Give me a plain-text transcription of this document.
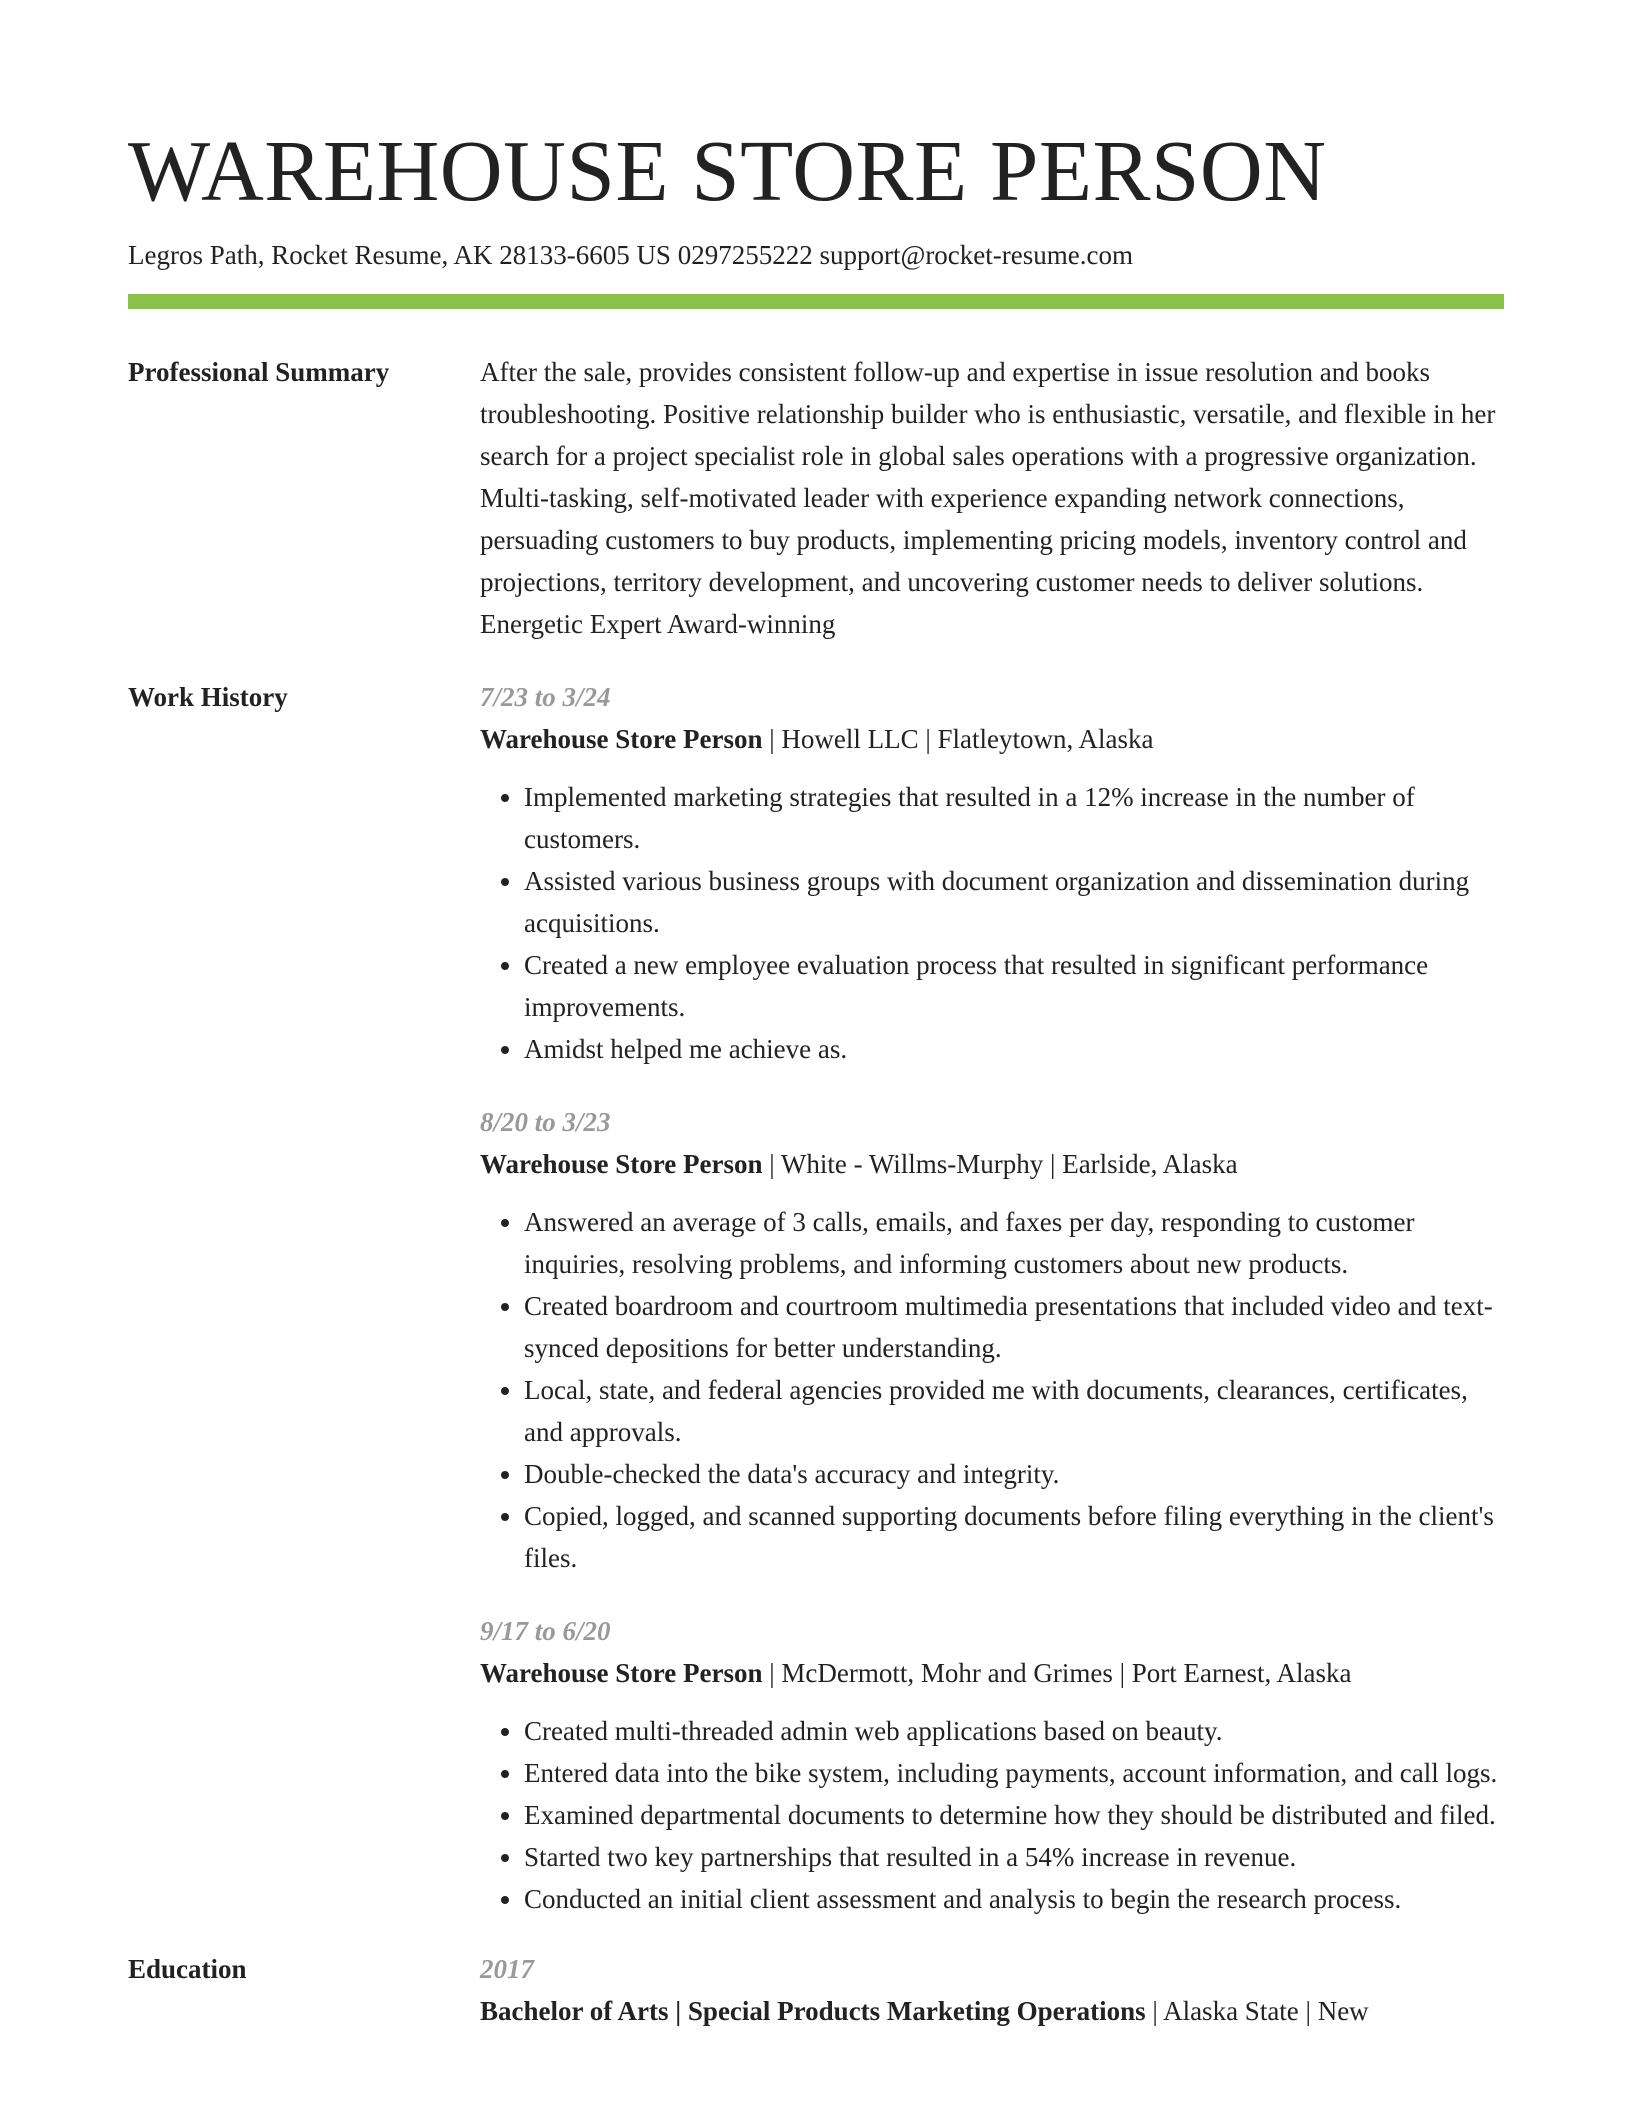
WAREHOUSE STORE PERSON
Legros Path, Rocket Resume, AK 28133-6605 US 0297255222 support@rocket-resume.com
Professional Summary	After the sale, provides consistent follow-up and expertise in issue resolution and books troubleshooting. Positive relationship builder who is enthusiastic, versatile, and flexible in her search for a project specialist role in global sales operations with a progressive organization. Multi-tasking, self-motivated leader with experience expanding network connections, persuading customers to buy products, implementing pricing models, inventory control and projections, territory development, and uncovering customer needs to deliver solutions. Energetic Expert Award-winning

Work History	7/23 to 3/24
Warehouse Store Person | Howell LLC | Flatleytown, Alaska
• Implemented marketing strategies that resulted in a 12% increase in the number of customers.
• Assisted various business groups with document organization and dissemination during acquisitions.
• Created a new employee evaluation process that resulted in significant performance improvements.
• Amidst helped me achieve as.
8/20 to 3/23
Warehouse Store Person | White - Willms-Murphy | Earlside, Alaska
• Answered an average of 3 calls, emails, and faxes per day, responding to customer inquiries, resolving problems, and informing customers about new products.
• Created boardroom and courtroom multimedia presentations that included video and text-synced depositions for better understanding.
• Local, state, and federal agencies provided me with documents, clearances, certificates, and approvals.
• Double-checked the data's accuracy and integrity.
• Copied, logged, and scanned supporting documents before filing everything in the client's files.
9/17 to 6/20
Warehouse Store Person | McDermott, Mohr and Grimes | Port Earnest, Alaska
• Created multi-threaded admin web applications based on beauty.
• Entered data into the bike system, including payments, account information, and call logs.
• Examined departmental documents to determine how they should be distributed and filed.
• Started two key partnerships that resulted in a 54% increase in revenue.
• Conducted an initial client assessment and analysis to begin the research process.
Education	2017
Bachelor of Arts | Special Products Marketing Operations | Alaska State | New
